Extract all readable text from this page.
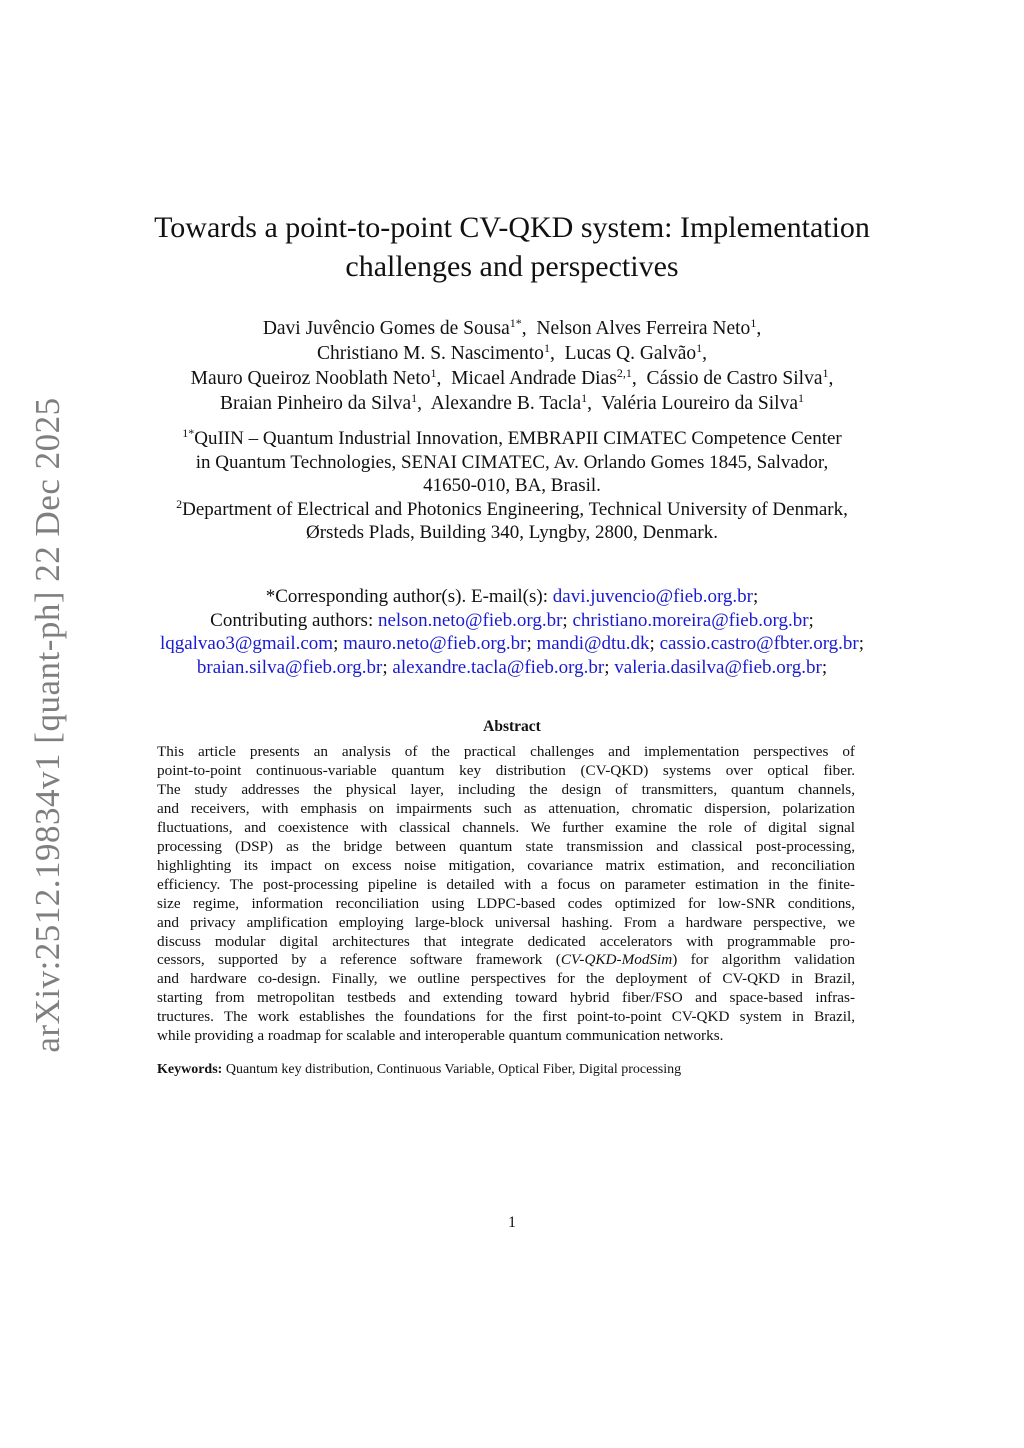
arXiv:2512.19834v1 [quant-ph] 22 Dec 2025
Towards a point-to-point CV-QKD system: Implementation
challenges and perspectives
Davi Juvêncio Gomes de Sousa$^{1*}$, Nelson Alves Ferreira Neto$^1$,
Christiano M. S. Nascimento$^1$, Lucas Q. Galvão$^1$,
Mauro Queiroz Nooblath Neto$^1$, Micael Andrade Dias$^{2,1}$, Cássio de Castro Silva$^1$,
Braian Pinheiro da Silva$^1$, Alexandre B. Tacla$^1$, Valéria Loureiro da Silva$^1$
$^{1*}$QuIIN – Quantum Industrial Innovation, EMBRAPII CIMATEC Competence Center
in Quantum Technologies, SENAI CIMATEC, Av. Orlando Gomes 1845, Salvador,
41650-010, BA, Brasil.
$^2$Department of Electrical and Photonics Engineering, Technical University of Denmark,
Ørsteds Plads, Building 340, Lyngby, 2800, Denmark.
*Corresponding author(s). E-mail(s): davi.juvencio@fieb.org.br;
Contributing authors: nelson.neto@fieb.org.br; christiano.moreira@fieb.org.br;
lqgalvao3@gmail.com; mauro.neto@fieb.org.br; mandi@dtu.dk; cassio.castro@fbter.org.br;
braian.silva@fieb.org.br; alexandre.tacla@fieb.org.br; valeria.dasilva@fieb.org.br;
Abstract
This article presents an analysis of the practical challenges and implementation perspectives of
point-to-point continuous-variable quantum key distribution (CV-QKD) systems over optical fiber.
The study addresses the physical layer, including the design of transmitters, quantum channels,
and receivers, with emphasis on impairments such as attenuation, chromatic dispersion, polarization
fluctuations, and coexistence with classical channels. We further examine the role of digital signal
processing (DSP) as the bridge between quantum state transmission and classical post-processing,
highlighting its impact on excess noise mitigation, covariance matrix estimation, and reconciliation
efficiency. The post-processing pipeline is detailed with a focus on parameter estimation in the finite-
size regime, information reconciliation using LDPC-based codes optimized for low-SNR conditions,
and privacy amplification employing large-block universal hashing. From a hardware perspective, we
discuss modular digital architectures that integrate dedicated accelerators with programmable pro-
cessors, supported by a reference software framework (CV-QKD-ModSim) for algorithm validation
and hardware co-design. Finally, we outline perspectives for the deployment of CV-QKD in Brazil,
starting from metropolitan testbeds and extending toward hybrid fiber/FSO and space-based infras-
tructures. The work establishes the foundations for the first point-to-point CV-QKD system in Brazil,
while providing a roadmap for scalable and interoperable quantum communication networks.
Keywords: Quantum key distribution, Continuous Variable, Optical Fiber, Digital processing
1
